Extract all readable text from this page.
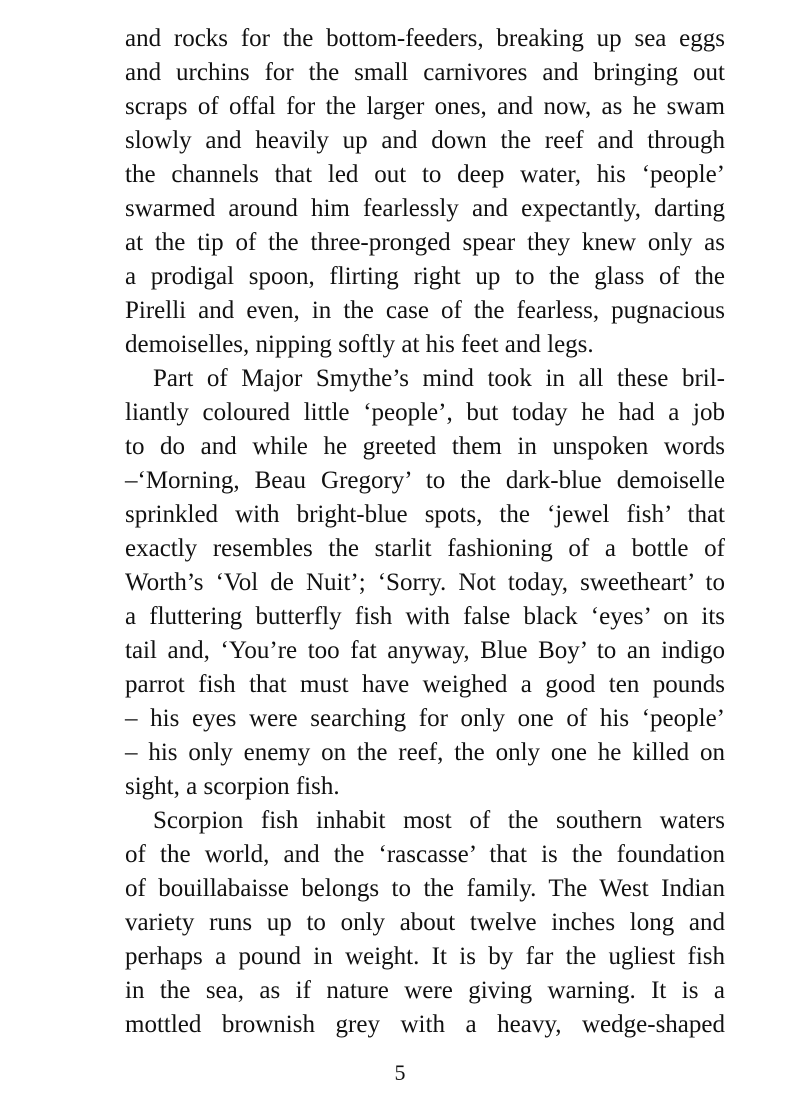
and rocks for the bottom-feeders, breaking up sea eggs
and urchins for the small carnivores and bringing out
scraps of offal for the larger ones, and now, as he swam
slowly and heavily up and down the reef and through
the channels that led out to deep water, his ‘people’
swarmed around him fearlessly and expectantly, darting
at the tip of the three-pronged spear they knew only as
a prodigal spoon, flirting right up to the glass of the
Pirelli and even, in the case of the fearless, pugnacious
demoiselles, nipping softly at his feet and legs.
Part of Major Smythe’s mind took in all these bril-
liantly coloured little ‘people’, but today he had a job
to do and while he greeted them in unspoken words
–‘Morning, Beau Gregory’ to the dark-blue demoiselle
sprinkled with bright-blue spots, the ‘jewel fish’ that
exactly resembles the starlit fashioning of a bottle of
Worth’s ‘Vol de Nuit’; ‘Sorry. Not today, sweetheart’ to
a fluttering butterfly fish with false black ‘eyes’ on its
tail and, ‘You’re too fat anyway, Blue Boy’ to an indigo
parrot fish that must have weighed a good ten pounds
– his eyes were searching for only one of his ‘people’
– his only enemy on the reef, the only one he killed on
sight, a scorpion fish.
Scorpion fish inhabit most of the southern waters
of the world, and the ‘rascasse’ that is the foundation
of bouillabaisse belongs to the family. The West Indian
variety runs up to only about twelve inches long and
perhaps a pound in weight. It is by far the ugliest fish
in the sea, as if nature were giving warning. It is a
mottled brownish grey with a heavy, wedge-shaped
5
